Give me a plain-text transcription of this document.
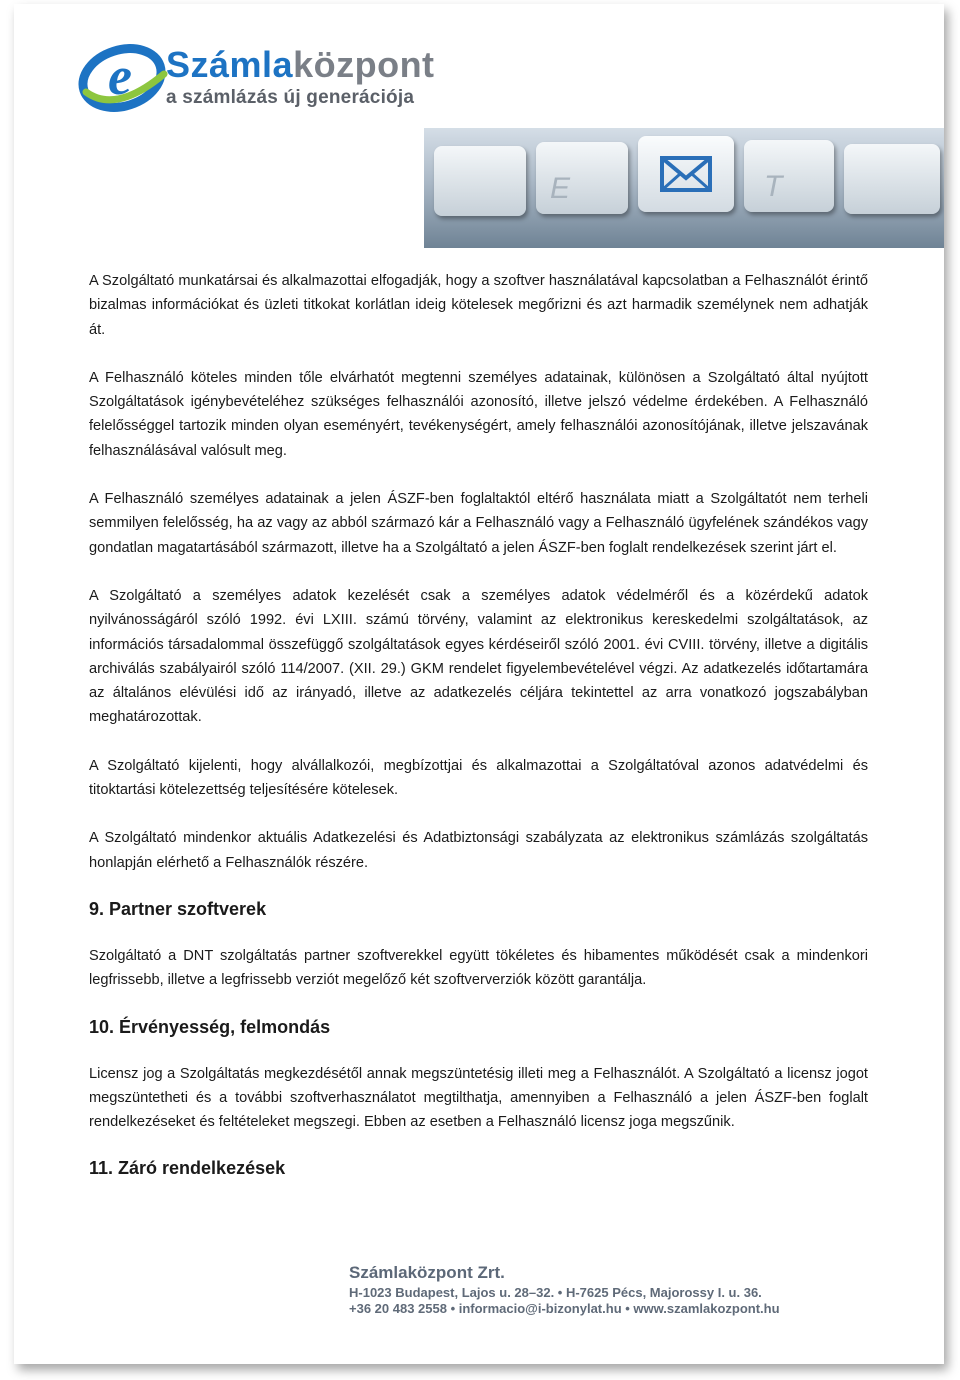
E	T
e Számlaközpont
a számlázás új generációja

A Szolgáltató munkatársai és alkalmazottai elfogadják, hogy a szoftver használatával kapcsolatban a Felhasználót érintő bizalmas információkat és üzleti titkokat korlátlan ideig kötelesek megőrizni és azt harmadik személynek nem adhatják át.

A Felhasználó köteles minden tőle elvárhatót megtenni személyes adatainak, különösen a Szolgáltató által nyújtott Szolgáltatások igénybevételéhez szükséges felhasználói azonosító, illetve jelszó védelme érdekében. A Felhasználó felelősséggel tartozik minden olyan eseményért, tevékenységért, amely felhasználói azonosítójának, illetve jelszavának felhasználásával valósult meg.

A Felhasználó személyes adatainak a jelen ÁSZF-ben foglaltaktól eltérő használata miatt a Szolgáltatót nem terheli semmilyen felelősség, ha az vagy az abból származó kár a Felhasználó vagy a Felhasználó ügyfelének szándékos vagy gondatlan magatartásából származott, illetve ha a Szolgáltató a jelen ÁSZF-ben foglalt rendelkezések szerint járt el.

A Szolgáltató a személyes adatok kezelését csak a személyes adatok védelméről és a közérdekű adatok nyilvánosságáról szóló 1992. évi LXIII. számú törvény, valamint az elektronikus kereskedelmi szolgáltatások, az információs társadalommal összefüggő szolgáltatások egyes kérdéseiről szóló 2001. évi CVIII. törvény, illetve a digitális archiválás szabályairól szóló 114/2007. (XII. 29.) GKM rendelet figyelembevételével végzi. Az adatkezelés időtartamára az általános elévülési idő az irányadó, illetve az adatkezelés céljára tekintettel az arra vonatkozó jogszabályban meghatározottak.

A Szolgáltató kijelenti, hogy alvállalkozói, megbízottjai és alkalmazottai a Szolgáltatóval azonos adatvédelmi és titoktartási kötelezettség teljesítésére kötelesek.

A Szolgáltató mindenkor aktuális Adatkezelési és Adatbiztonsági szabályzata az elektronikus számlázás szolgáltatás honlapján elérhető a Felhasználók részére.

9. Partner szoftverek

Szolgáltató a DNT szolgáltatás partner szoftverekkel együtt tökéletes és hibamentes működését csak a mindenkori legfrissebb, illetve a legfrissebb verziót megelőző két szoftververziók között garantálja.

10. Érvényesség, felmondás

Licensz jog a Szolgáltatás megkezdésétől annak megszüntetésig illeti meg a Felhasználót. A Szolgáltató a licensz jogot megszüntetheti és a további szoftverhasználatot megtilthatja, amennyiben a Felhasználó a jelen ÁSZF-ben foglalt rendelkezéseket és feltételeket megszegi. Ebben az esetben a Felhasználó licensz joga megszűnik.

11. Záró rendelkezések
Számlaközpont Zrt.
H-1023 Budapest, Lajos u. 28–32. • H-7625 Pécs, Majorossy I. u. 36.
+36 20 483 2558 • informacio@i-bizonylat.hu • www.szamlakozpont.hu
